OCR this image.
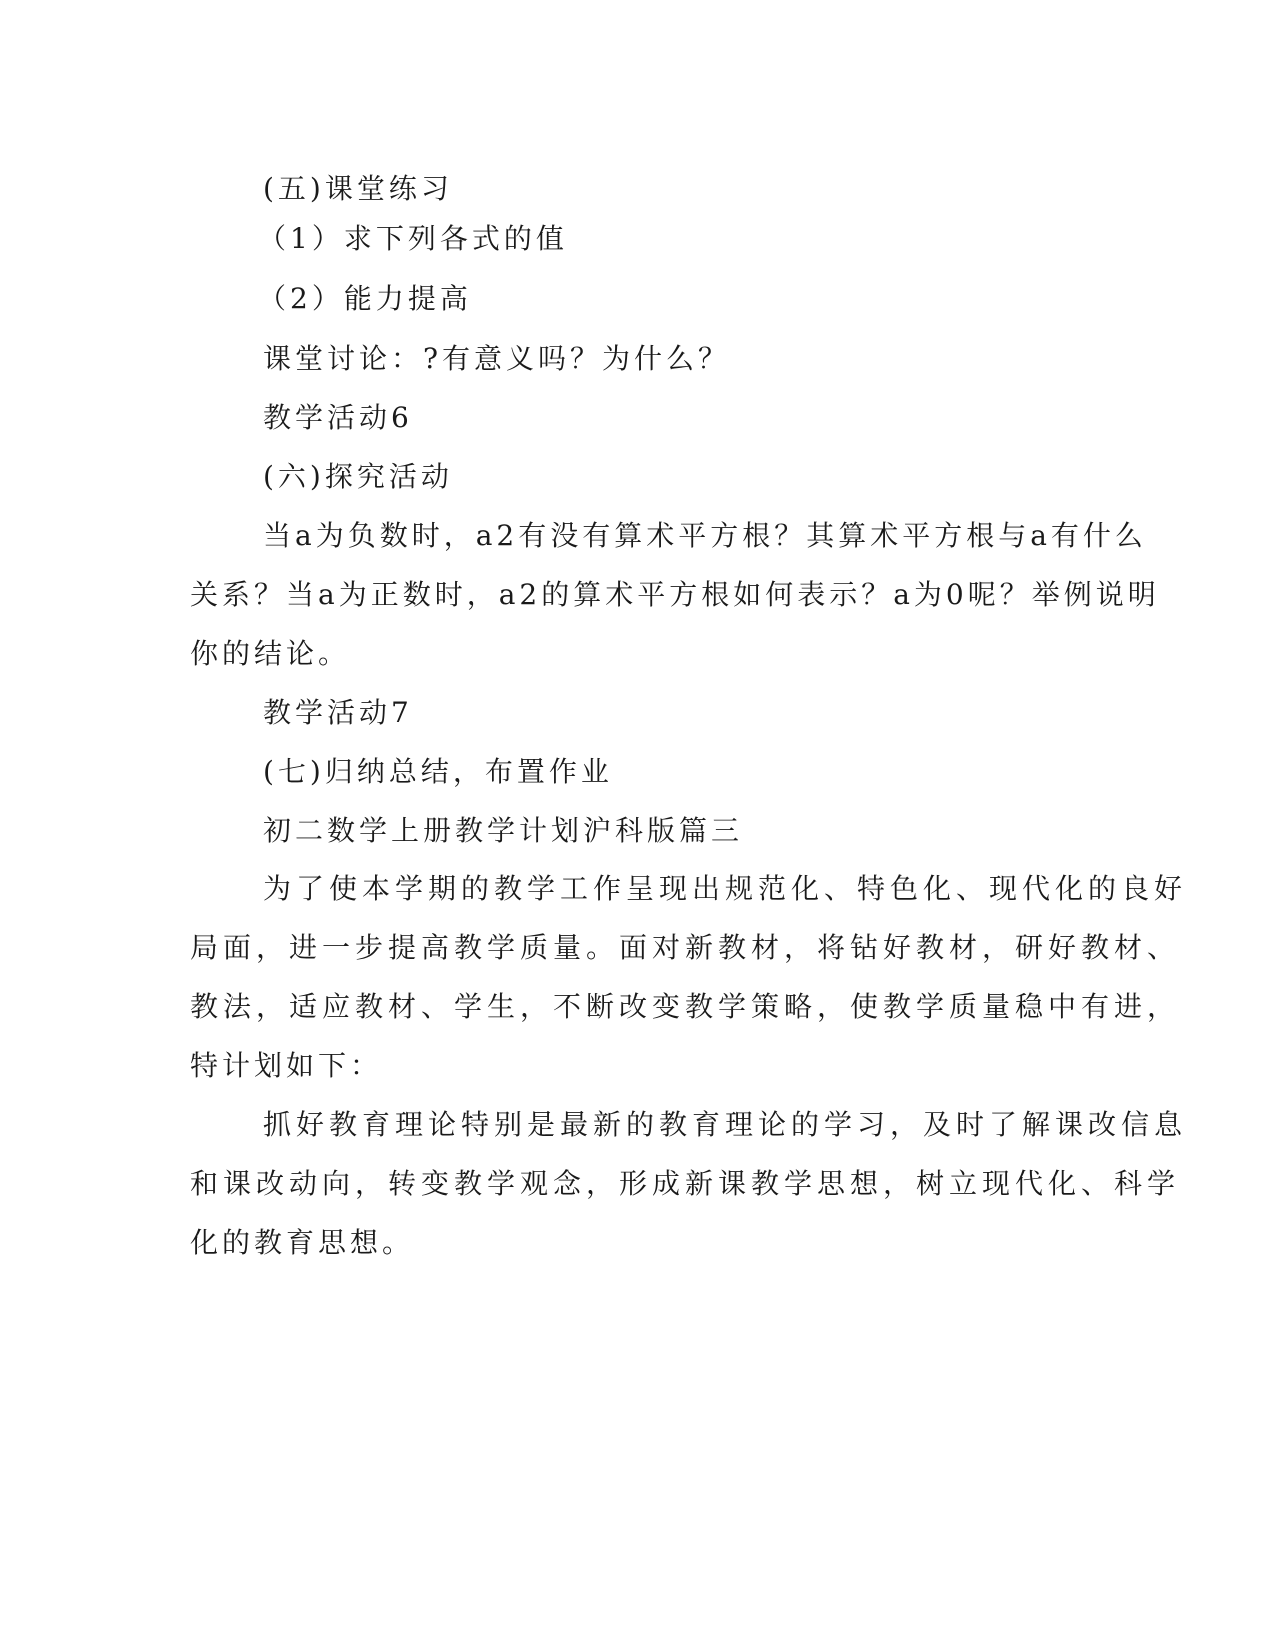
(五)课堂练习
（1）求下列各式的值
（2）能力提高
课堂讨论：?有意义吗？为什么？
教学活动6
(六)探究活动
当a为负数时，a2有没有算术平方根？其算术平方根与a有什么
关系？当a为正数时，a2的算术平方根如何表示？a为0呢？举例说明
你的结论。
教学活动7
(七)归纳总结，布置作业
初二数学上册教学计划沪科版篇三
为了使本学期的教学工作呈现出规范化、特色化、现代化的良好
局面，进一步提高教学质量。面对新教材，将钻好教材，研好教材、
教法，适应教材、学生，不断改变教学策略，使教学质量稳中有进，
特计划如下：
抓好教育理论特别是最新的教育理论的学习，及时了解课改信息
和课改动向，转变教学观念，形成新课教学思想，树立现代化、科学
化的教育思想。
